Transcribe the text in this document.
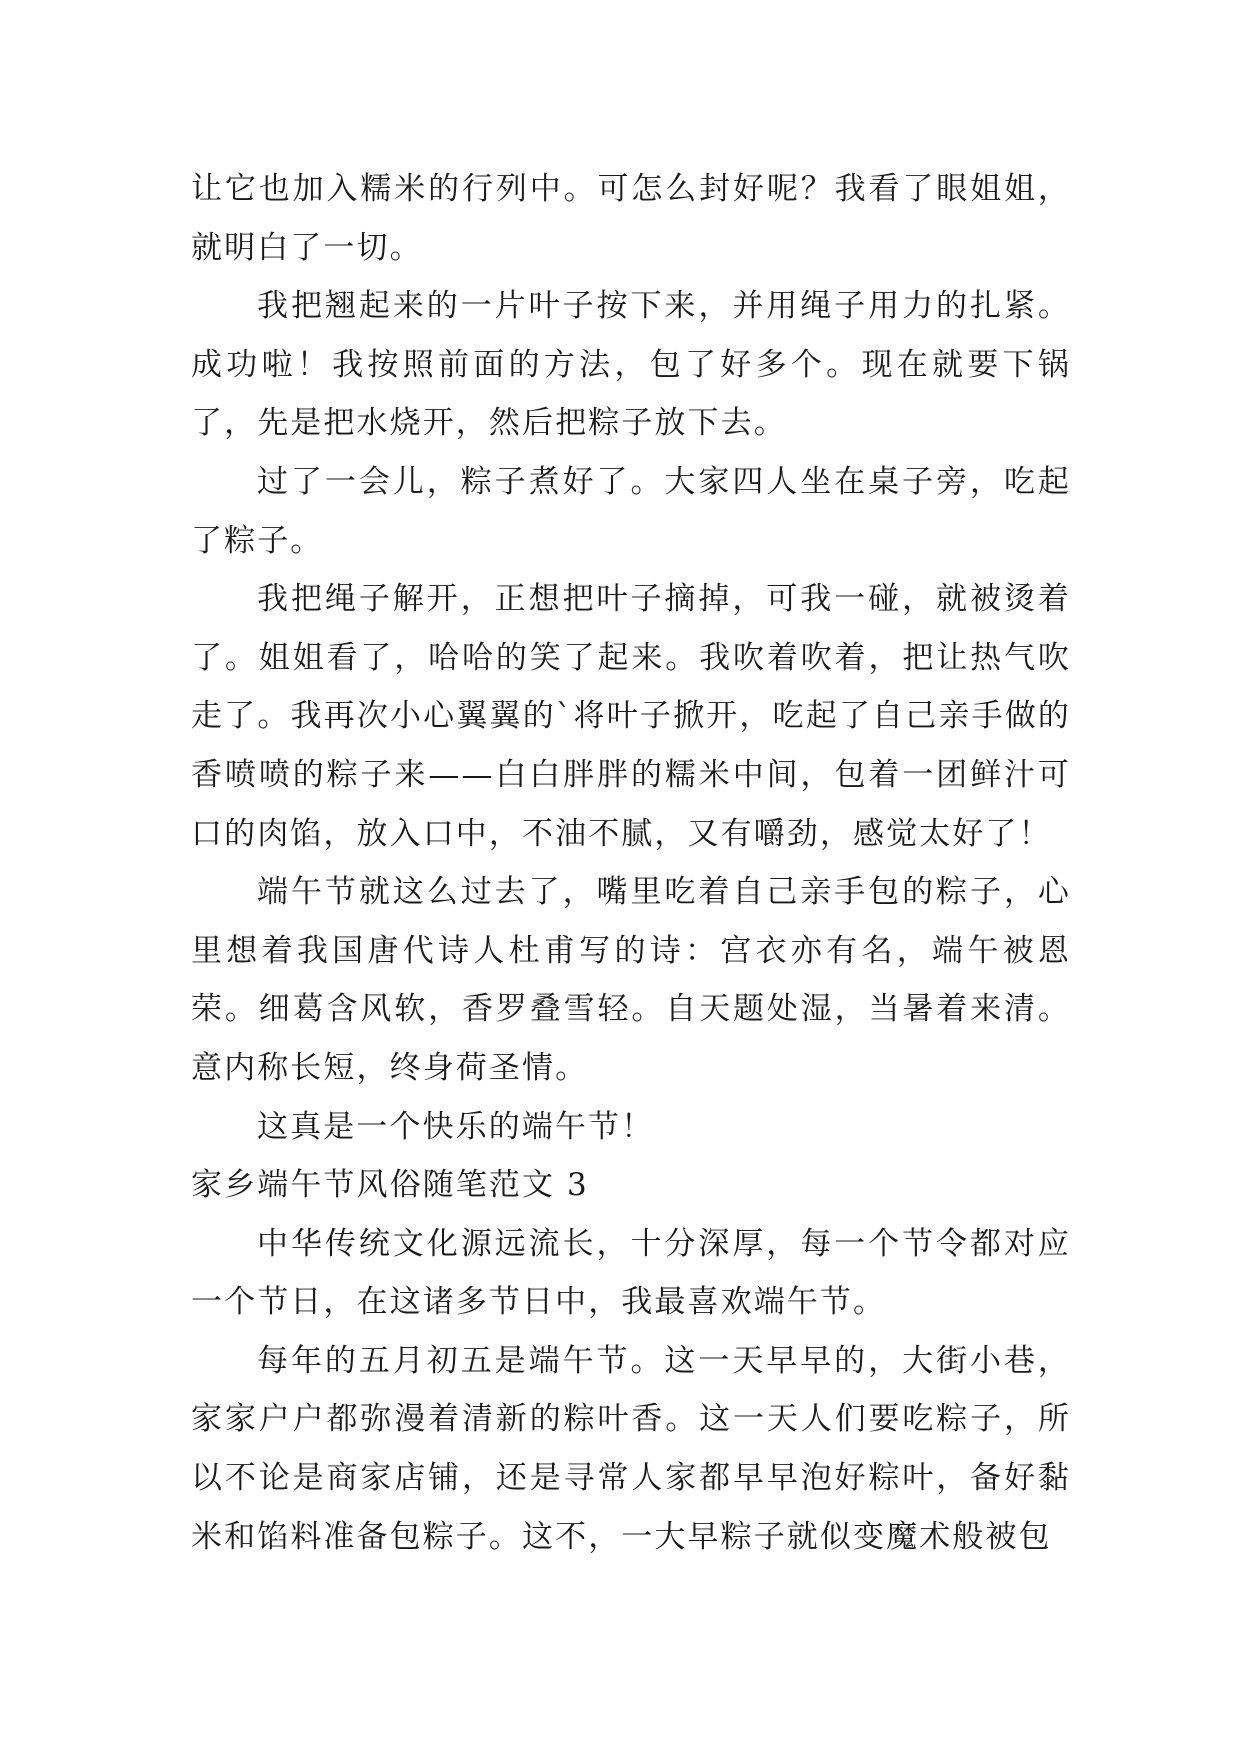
让它也加入糯米的行列中。可怎么封好呢？我看了眼姐姐，就明白了一切。

我把翘起来的一片叶子按下来，并用绳子用力的扎紧。成功啦！我按照前面的方法，包了好多个。现在就要下锅了，先是把水烧开，然后把粽子放下去。

过了一会儿，粽子煮好了。大家四人坐在桌子旁，吃起了粽子。

我把绳子解开，正想把叶子摘掉，可我一碰，就被烫着了。姐姐看了，哈哈的笑了起来。我吹着吹着，把让热气吹走了。我再次小心翼翼的`将叶子掀开，吃起了自己亲手做的香喷喷的粽子来——白白胖胖的糯米中间，包着一团鲜汁可口的肉馅，放入口中，不油不腻，又有嚼劲，感觉太好了！

端午节就这么过去了，嘴里吃着自己亲手包的粽子，心里想着我国唐代诗人杜甫写的诗：宫衣亦有名，端午被恩荣。细葛含风软，香罗叠雪轻。自天题处湿，当暑着来清。意内称长短，终身荷圣情。

这真是一个快乐的端午节！

家乡端午节风俗随笔范文 3

中华传统文化源远流长，十分深厚，每一个节令都对应一个节日，在这诸多节日中，我最喜欢端午节。

每年的五月初五是端午节。这一天早早的，大街小巷，家家户户都弥漫着清新的粽叶香。这一天人们要吃粽子，所以不论是商家店铺，还是寻常人家都早早泡好粽叶，备好黏米和馅料准备包粽子。这不，一大早粽子就似变魔术般被包
